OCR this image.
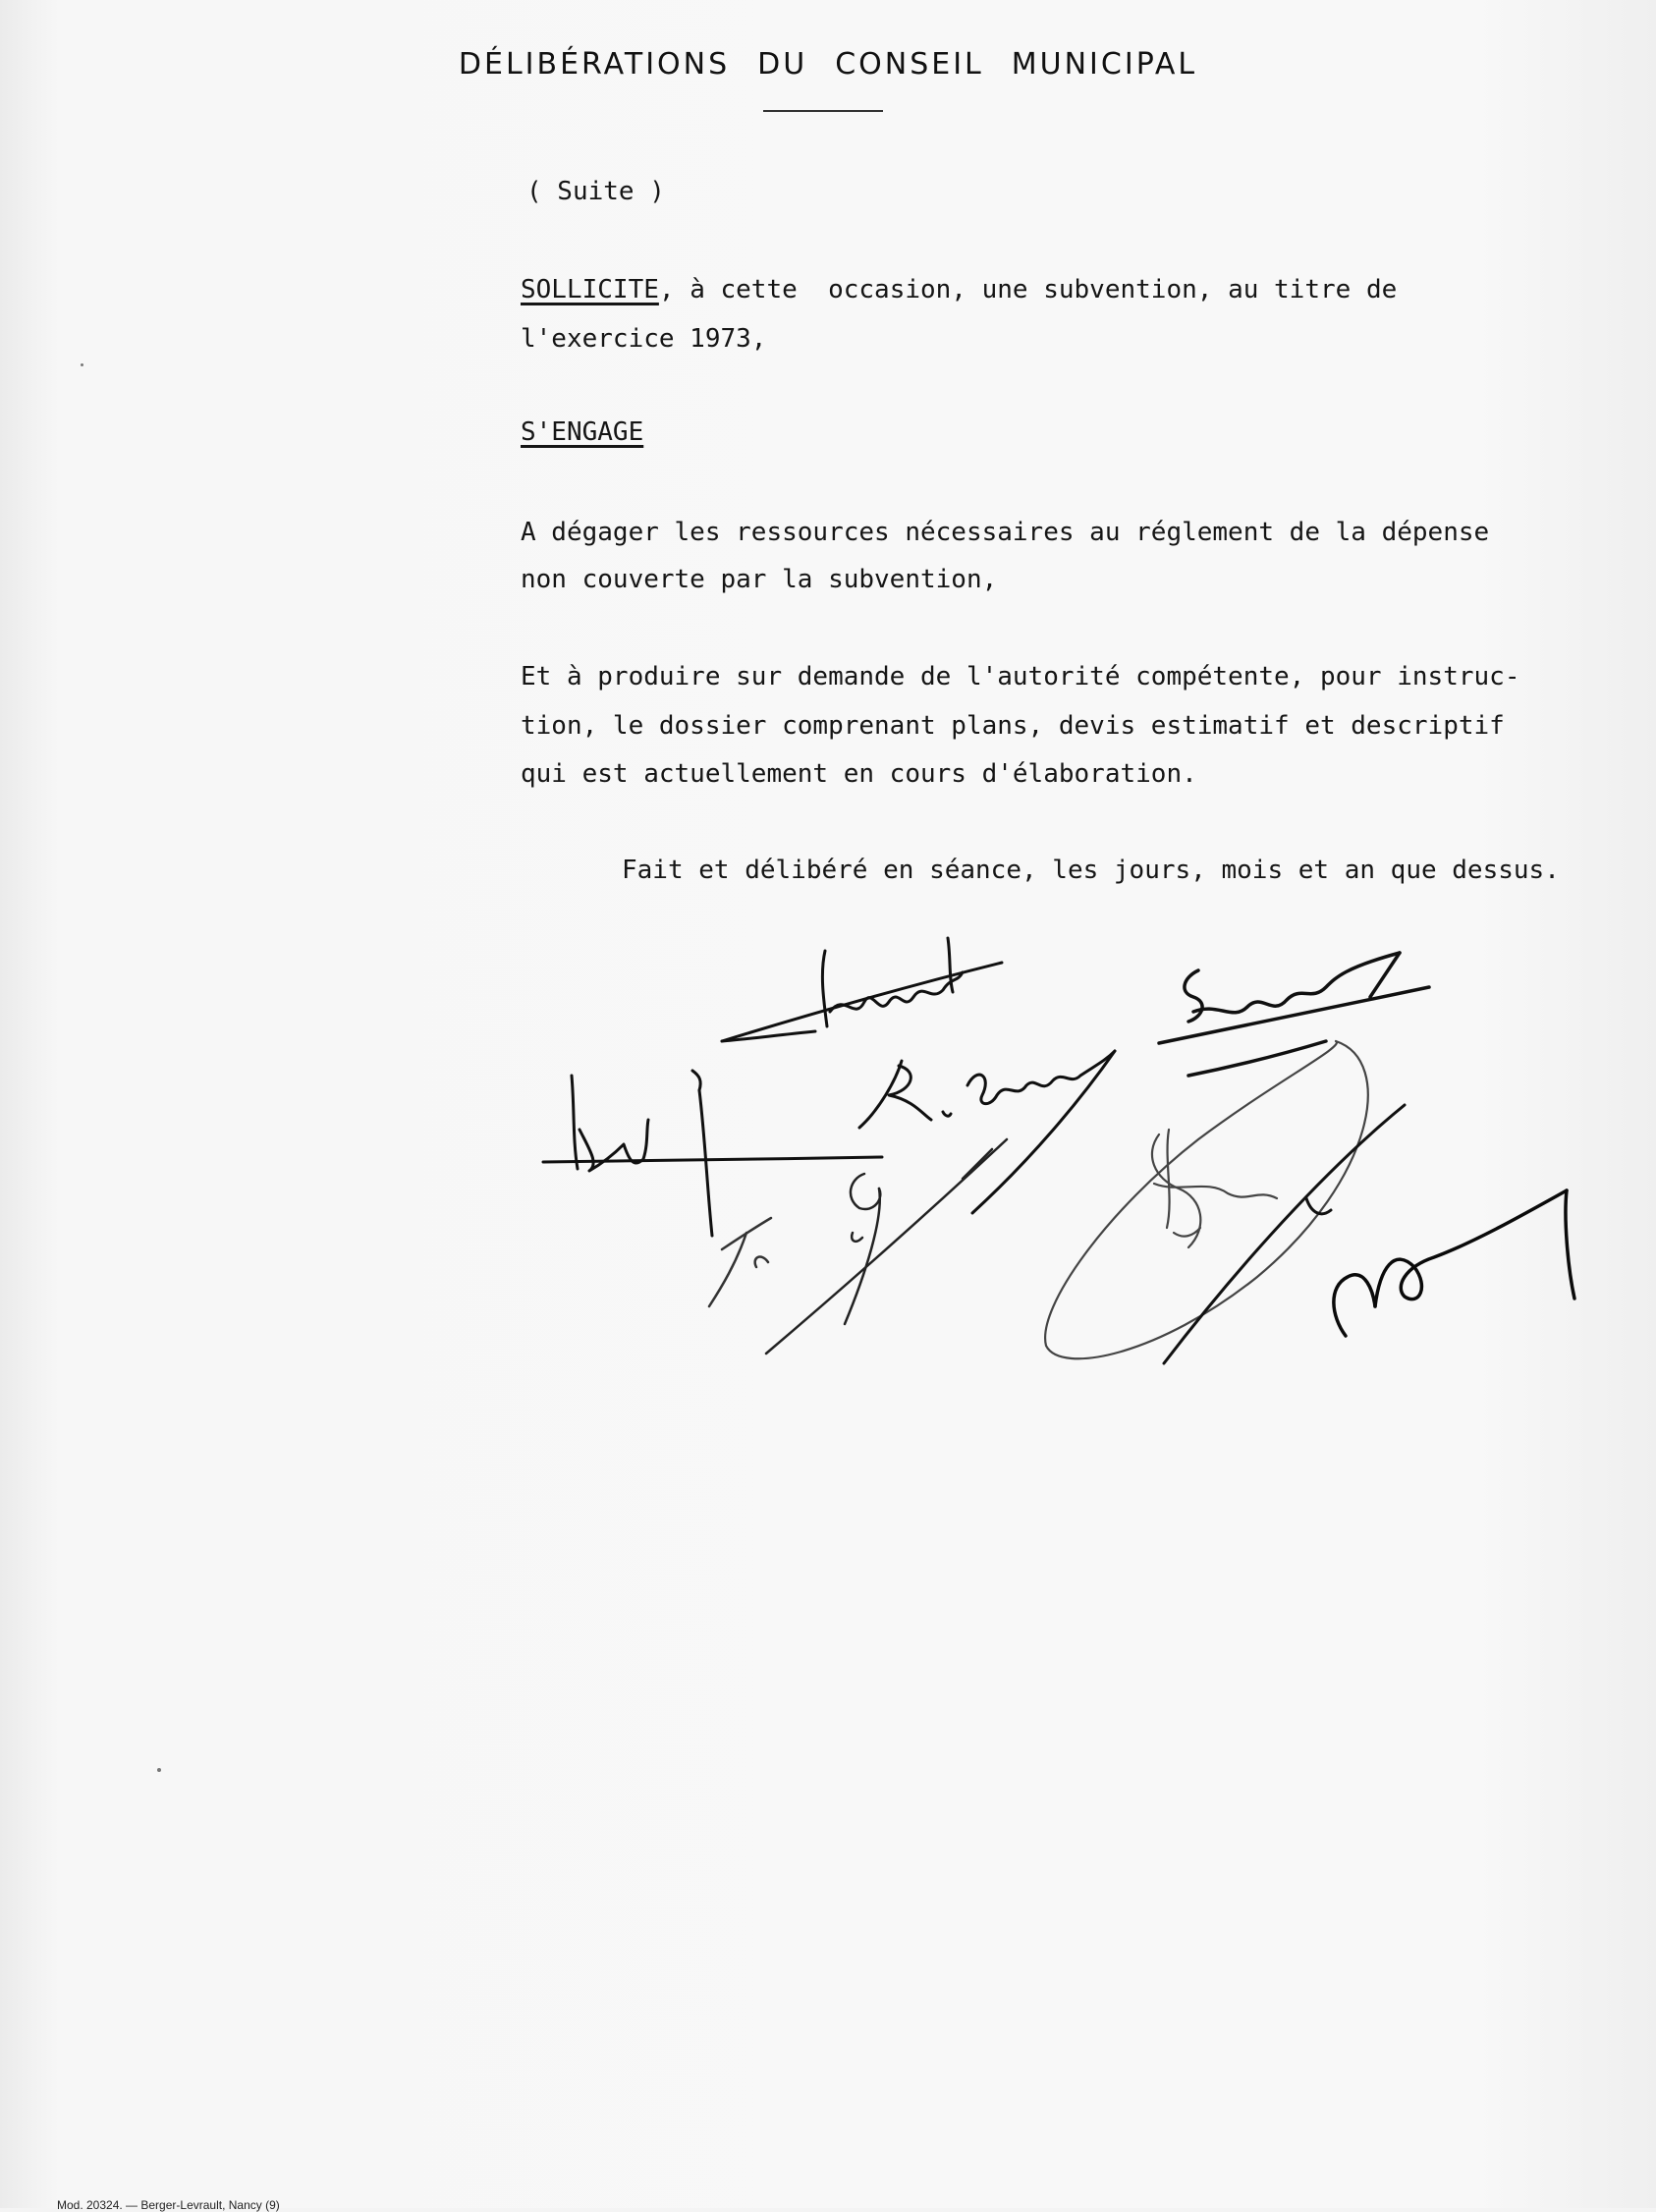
DÉLIBÉRATIONS DU CONSEIL MUNICIPAL
( Suite )
SOLLICITE, à cette  occasion, une subvention, au titre de
l'exercice 1973,
S'ENGAGE
A dégager les ressources nécessaires au réglement de la dépense
non couverte par la subvention,
Et à produire sur demande de l'autorité compétente, pour instruc-
tion, le dossier comprenant plans, devis estimatif et descriptif
qui est actuellement en cours d'élaboration.
Fait et délibéré en séance, les jours, mois et an que dessus.
Mod. 20324. — Berger-Levrault, Nancy (9)
